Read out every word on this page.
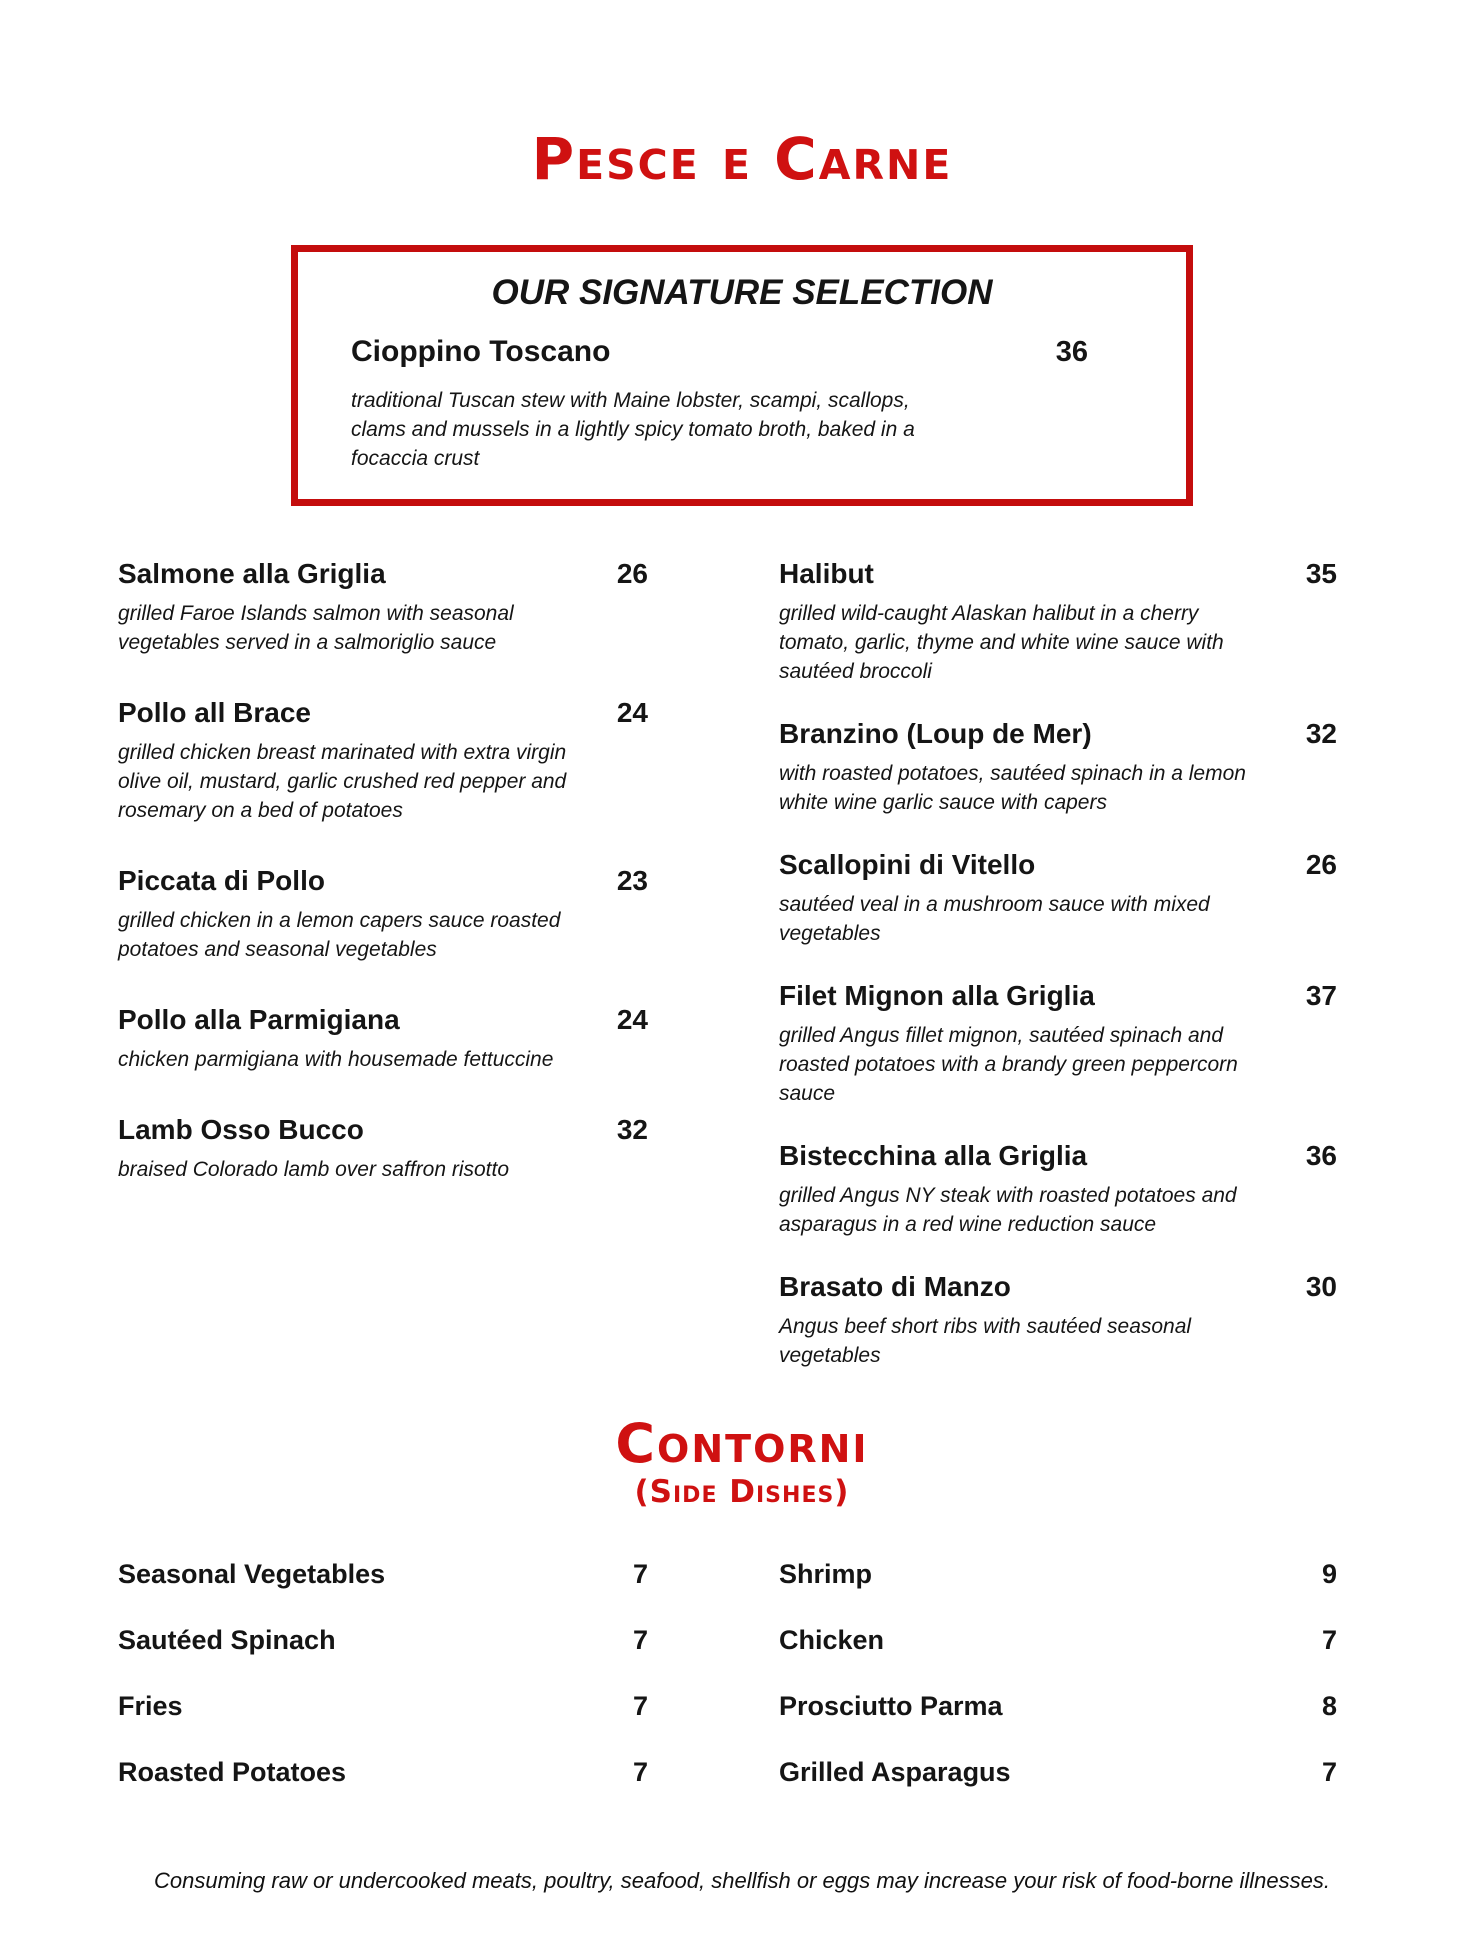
Pesce e Carne
OUR SIGNATURE SELECTION
Cioppino Toscano	36

traditional Tuscan stew with Maine lobster, scampi, scallops, clams and mussels in a lightly spicy tomato broth, baked in a focaccia crust

Salmone alla Griglia	26

grilled Faroe Islands salmon with seasonal vegetables served in a salmoriglio sauce

Pollo all Brace	24

grilled chicken breast marinated with extra virgin olive oil, mustard, garlic crushed red pepper and rosemary on a bed of potatoes

Piccata di Pollo	23

grilled chicken in a lemon capers sauce roasted potatoes and seasonal vegetables

Pollo alla Parmigiana	24

chicken parmigiana with housemade fettuccine

Lamb Osso Bucco	32

braised Colorado lamb over saffron risotto

Halibut	35

grilled wild-caught Alaskan halibut in a cherry tomato, garlic, thyme and white wine sauce with sautéed broccoli

Branzino (Loup de Mer)	32

with roasted potatoes, sautéed spinach in a lemon white wine garlic sauce with capers

Scallopini di Vitello	26

sautéed veal in a mushroom sauce with mixed vegetables

Filet Mignon alla Griglia	37

grilled Angus fillet mignon, sautéed spinach and roasted potatoes with a brandy green peppercorn sauce

Bistecchina alla Griglia	36

grilled Angus NY steak with roasted potatoes and asparagus in a red wine reduction sauce

Brasato di Manzo	30

Angus beef short ribs with sautéed seasonal vegetables

Contorni
(Side Dishes)
Seasonal Vegetables	7
Sautéed Spinach	7
Fries	7
Roasted Potatoes	7
Shrimp	9
Chicken	7
Prosciutto Parma	8
Grilled Asparagus	7
Consuming raw or undercooked meats, poultry, seafood, shellfish or eggs may increase your risk of food-borne illnesses.
